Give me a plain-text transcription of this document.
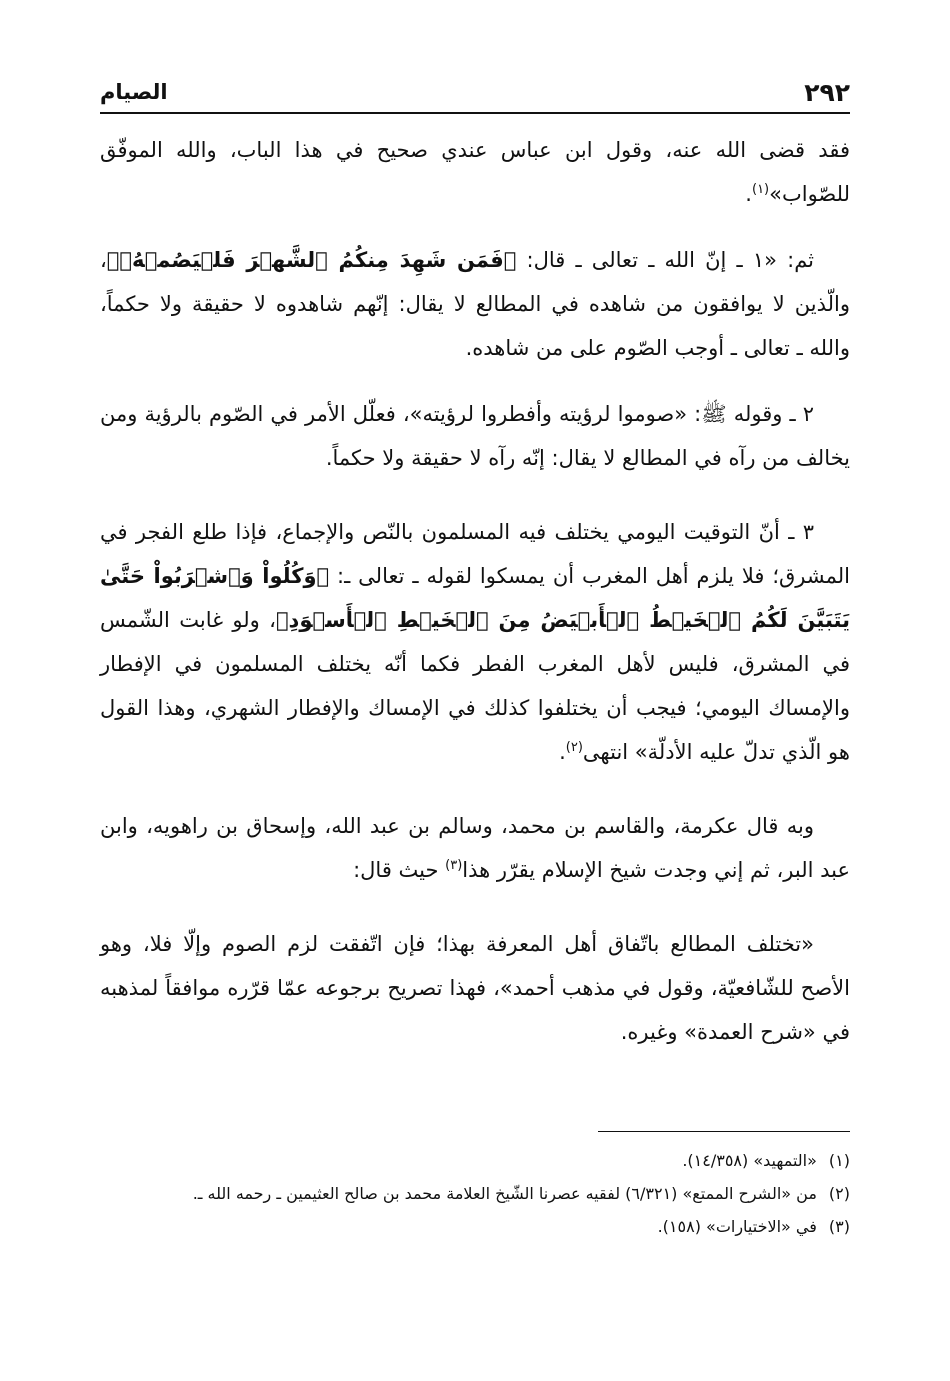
٢٩٢
الصيام

فقد قضى الله عنه، وقول ابن عباس عندي صحيح في هذا الباب، والله الموفّق للصّواب»$^{(١)}$.

ثم: «١ ـ إنّ الله ـ تعالى ـ قال: ﴿فَمَن شَهِدَ مِنكُمُ ٱلشَّهۡرَ فَلۡيَصُمۡهُۖ﴾، والّذين لا يوافقون من شاهده في المطالع لا يقال: إنّهم شاهدوه لا حقيقة ولا حكماً، والله ـ تعالى ـ أوجب الصّوم على من شاهده.

٢ ـ وقوله ﷺ: «صوموا لرؤيته وأفطروا لرؤيته»، فعلّل الأمر في الصّوم بالرؤية ومن يخالف من رآه في المطالع لا يقال: إنّه رآه لا حقيقة ولا حكماً.

٣ ـ أنّ التوقيت اليومي يختلف فيه المسلمون بالنّص والإجماع، فإذا طلع الفجر في المشرق؛ فلا يلزم أهل المغرب أن يمسكوا لقوله ـ تعالى ـ: ﴿وَكُلُواْ وَٱشۡرَبُواْ حَتَّىٰ يَتَبَيَّنَ لَكُمُ ٱلۡخَيۡطُ ٱلۡأَبۡيَضُ مِنَ ٱلۡخَيۡطِ ٱلۡأَسۡوَدِ﴾، ولو غابت الشّمس في المشرق، فليس لأهل المغرب الفطر فكما أنّه يختلف المسلمون في الإفطار والإمساك اليومي؛ فيجب أن يختلفوا كذلك في الإمساك والإفطار الشهري، وهذا القول هو الّذي تدلّ عليه الأدلّة» انتهى$^{(٢)}$.

وبه قال عكرمة، والقاسم بن محمد، وسالم بن عبد الله، وإسحاق بن راهويه، وابن عبد البر، ثم إني وجدت شيخ الإسلام يقرّر هذا$^{(٣)}$ حيث قال:

«تختلف المطالع باتّفاق أهل المعرفة بهذا؛ فإن اتّفقت لزم الصوم وإلّا فلا، وهو الأصح للشّافعيّة، وقول في مذهب أحمد»، فهذا تصريح برجوعه عمّا قرّره موافقاً لمذهبه في «شرح العمدة» وغيره.

(١)
«التمهيد» (١٤/٣٥٨).
(٢)
من «الشرح الممتع» (٦/٣٢١) لفقيه عصرنا الشّيخ العلامة محمد بن صالح العثيمين ـ رحمه الله ـ.
(٣)
في «الاختيارات» (١٥٨).
